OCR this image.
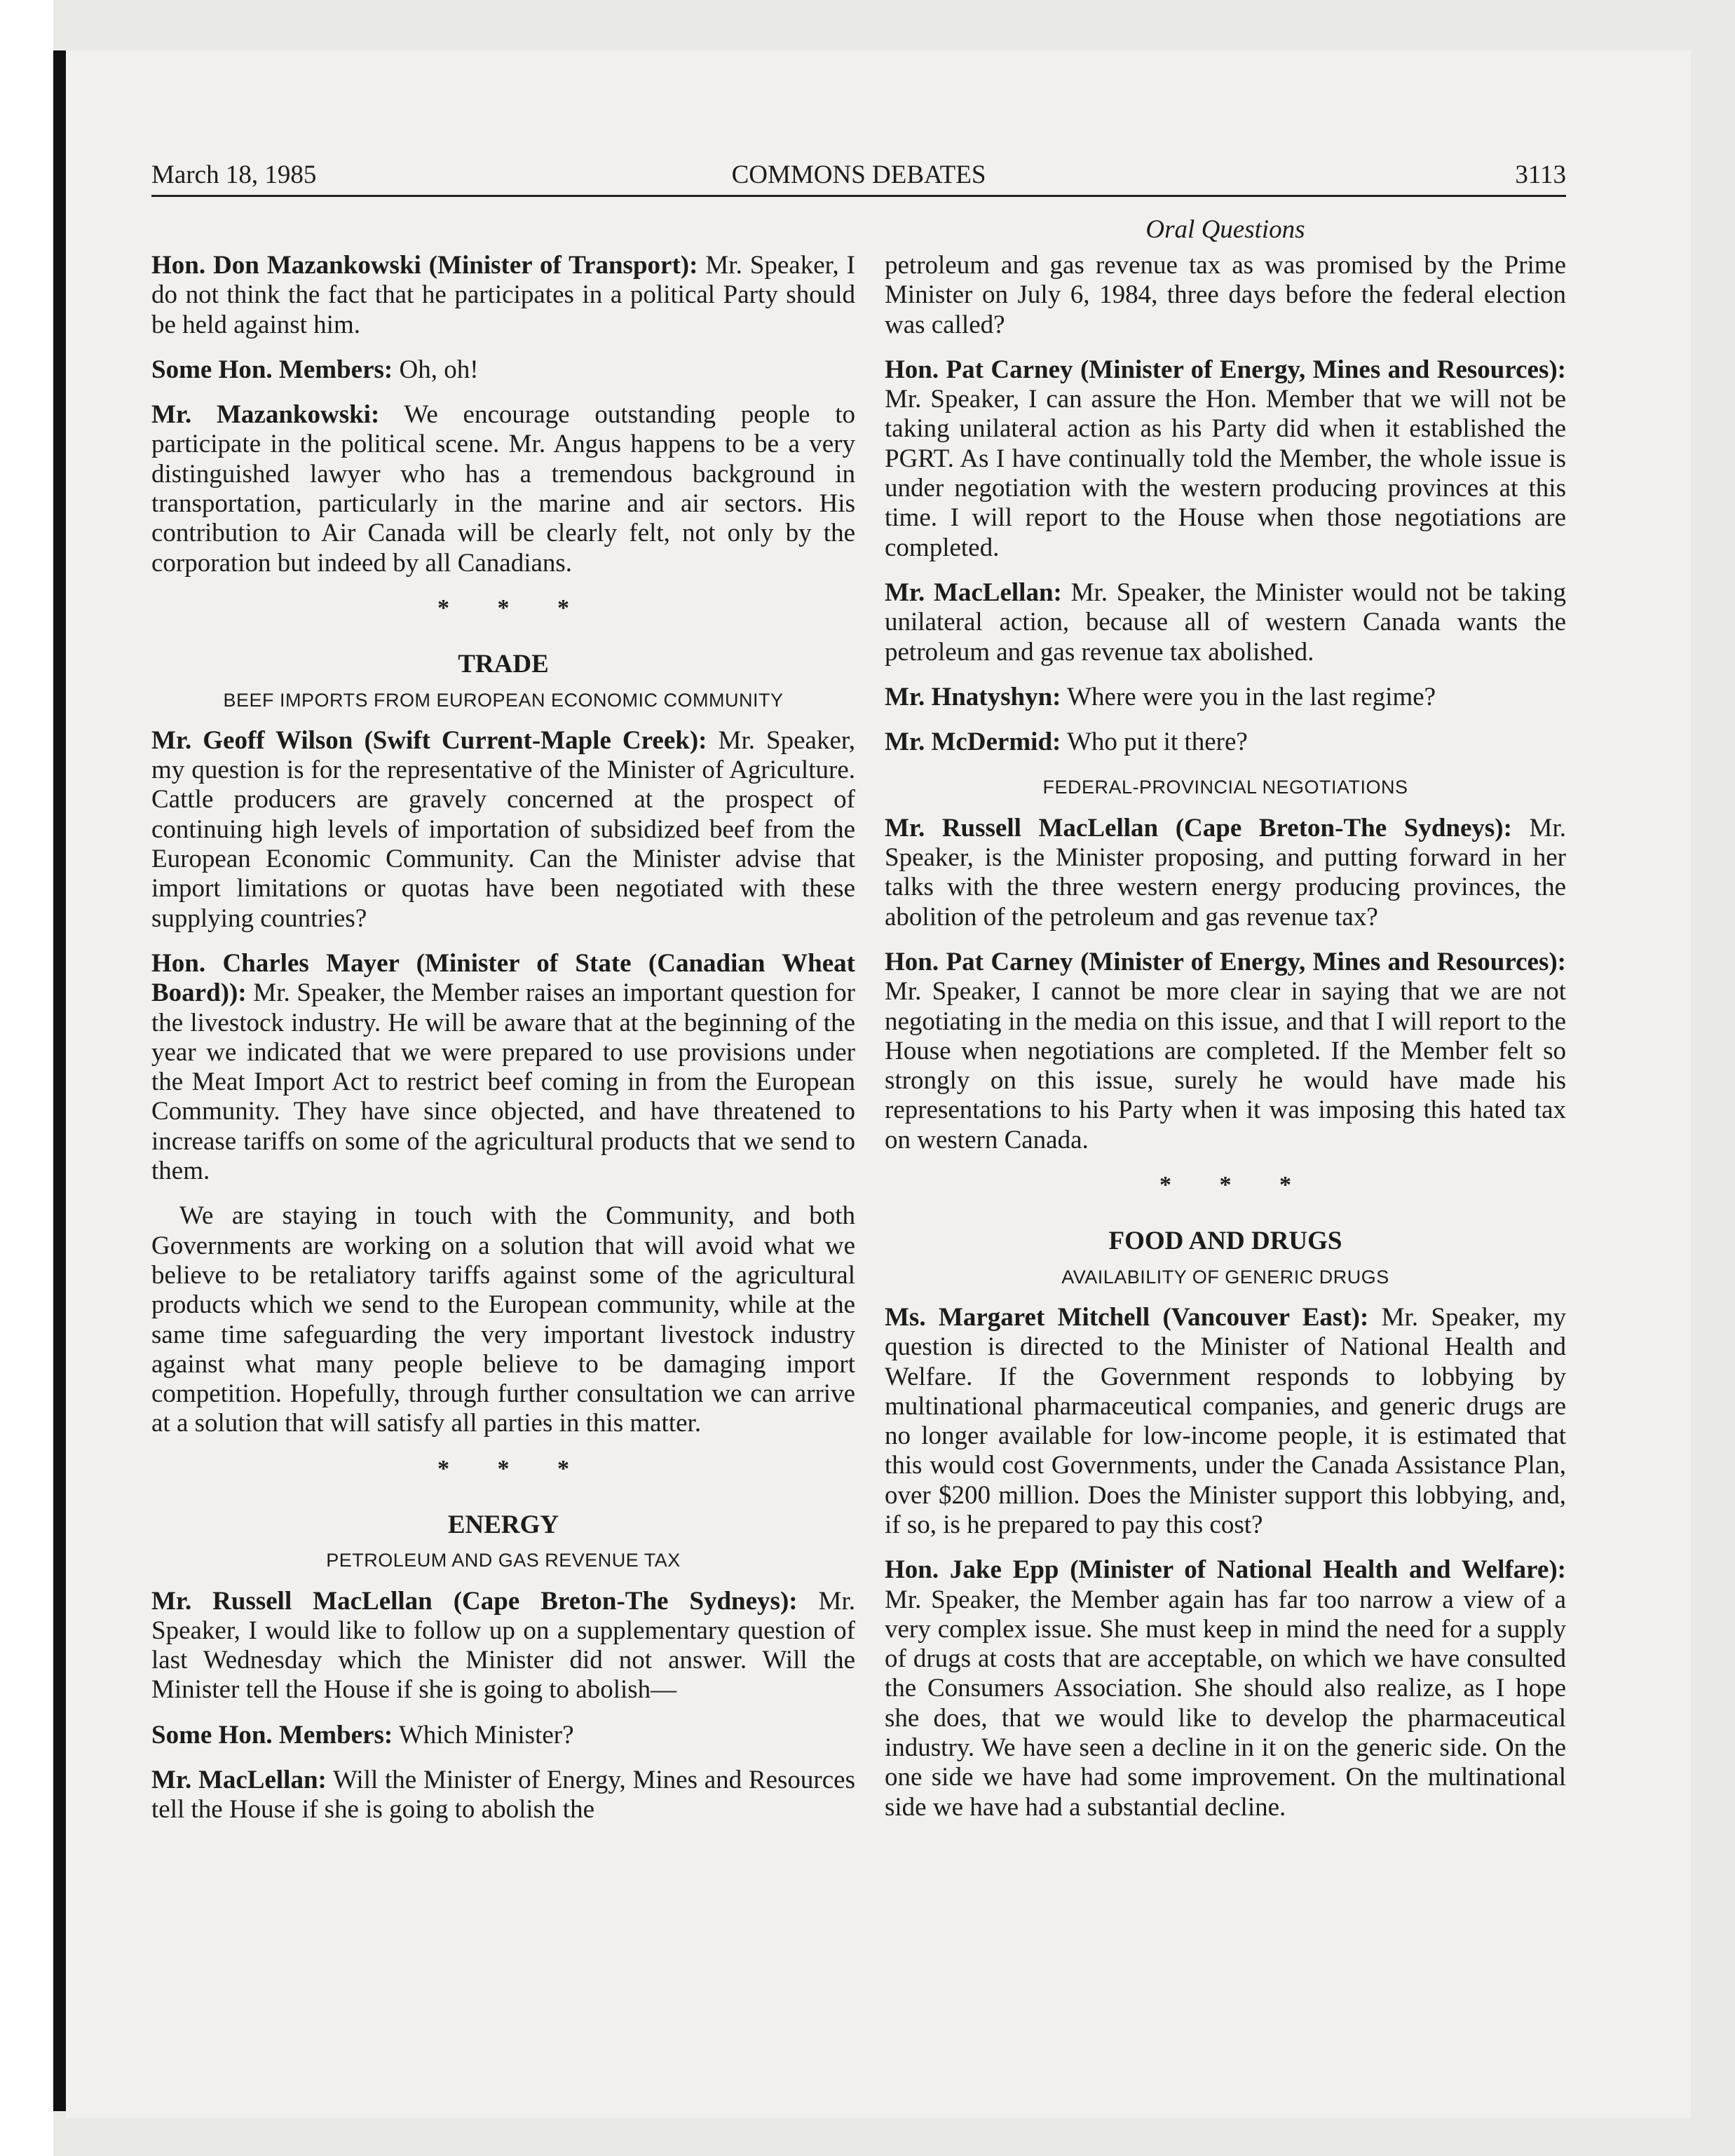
March 18, 1985	COMMONS DEBATES	3113
Oral Questions

Hon. Don Mazankowski (Minister of Transport): Mr. Speaker, I do not think the fact that he participates in a political Party should be held against him.

Some Hon. Members: Oh, oh!

Mr. Mazankowski: We encourage outstanding people to participate in the political scene. Mr. Angus happens to be a very distinguished lawyer who has a tremendous background in transportation, particularly in the marine and air sectors. His contribution to Air Canada will be clearly felt, not only by the corporation but indeed by all Canadians.

* * *
TRADE
BEEF IMPORTS FROM EUROPEAN ECONOMIC COMMUNITY

Mr. Geoff Wilson (Swift Current-Maple Creek): Mr. Speaker, my question is for the representative of the Minister of Agriculture. Cattle producers are gravely concerned at the prospect of continuing high levels of importation of subsidized beef from the European Economic Community. Can the Minister advise that import limitations or quotas have been negotiated with these supplying countries?

Hon. Charles Mayer (Minister of State (Canadian Wheat Board)): Mr. Speaker, the Member raises an important question for the livestock industry. He will be aware that at the beginning of the year we indicated that we were prepared to use provisions under the Meat Import Act to restrict beef coming in from the European Community. They have since objected, and have threatened to increase tariffs on some of the agricultural products that we send to them.

We are staying in touch with the Community, and both Governments are working on a solution that will avoid what we believe to be retaliatory tariffs against some of the agricultural products which we send to the European community, while at the same time safeguarding the very important livestock industry against what many people believe to be damaging import competition. Hopefully, through further consultation we can arrive at a solution that will satisfy all parties in this matter.

* * *
ENERGY
PETROLEUM AND GAS REVENUE TAX

Mr. Russell MacLellan (Cape Breton-The Sydneys): Mr. Speaker, I would like to follow up on a supplementary question of last Wednesday which the Minister did not answer. Will the Minister tell the House if she is going to abolish—

Some Hon. Members: Which Minister?

Mr. MacLellan: Will the Minister of Energy, Mines and Resources tell the House if she is going to abolish the

petroleum and gas revenue tax as was promised by the Prime Minister on July 6, 1984, three days before the federal election was called?

Hon. Pat Carney (Minister of Energy, Mines and Resources): Mr. Speaker, I can assure the Hon. Member that we will not be taking unilateral action as his Party did when it established the PGRT. As I have continually told the Member, the whole issue is under negotiation with the western producing provinces at this time. I will report to the House when those negotiations are completed.

Mr. MacLellan: Mr. Speaker, the Minister would not be taking unilateral action, because all of western Canada wants the petroleum and gas revenue tax abolished.

Mr. Hnatyshyn: Where were you in the last regime?

Mr. McDermid: Who put it there?

FEDERAL-PROVINCIAL NEGOTIATIONS

Mr. Russell MacLellan (Cape Breton-The Sydneys): Mr. Speaker, is the Minister proposing, and putting forward in her talks with the three western energy producing provinces, the abolition of the petroleum and gas revenue tax?

Hon. Pat Carney (Minister of Energy, Mines and Resources): Mr. Speaker, I cannot be more clear in saying that we are not negotiating in the media on this issue, and that I will report to the House when negotiations are completed. If the Member felt so strongly on this issue, surely he would have made his representations to his Party when it was imposing this hated tax on western Canada.

* * *
FOOD AND DRUGS
AVAILABILITY OF GENERIC DRUGS

Ms. Margaret Mitchell (Vancouver East): Mr. Speaker, my question is directed to the Minister of National Health and Welfare. If the Government responds to lobbying by multinational pharmaceutical companies, and generic drugs are no longer available for low-income people, it is estimated that this would cost Governments, under the Canada Assistance Plan, over $200 million. Does the Minister support this lobbying, and, if so, is he prepared to pay this cost?

Hon. Jake Epp (Minister of National Health and Welfare): Mr. Speaker, the Member again has far too narrow a view of a very complex issue. She must keep in mind the need for a supply of drugs at costs that are acceptable, on which we have consulted the Consumers Association. She should also realize, as I hope she does, that we would like to develop the pharmaceutical industry. We have seen a decline in it on the generic side. On the one side we have had some improvement. On the multinational side we have had a substantial decline.
